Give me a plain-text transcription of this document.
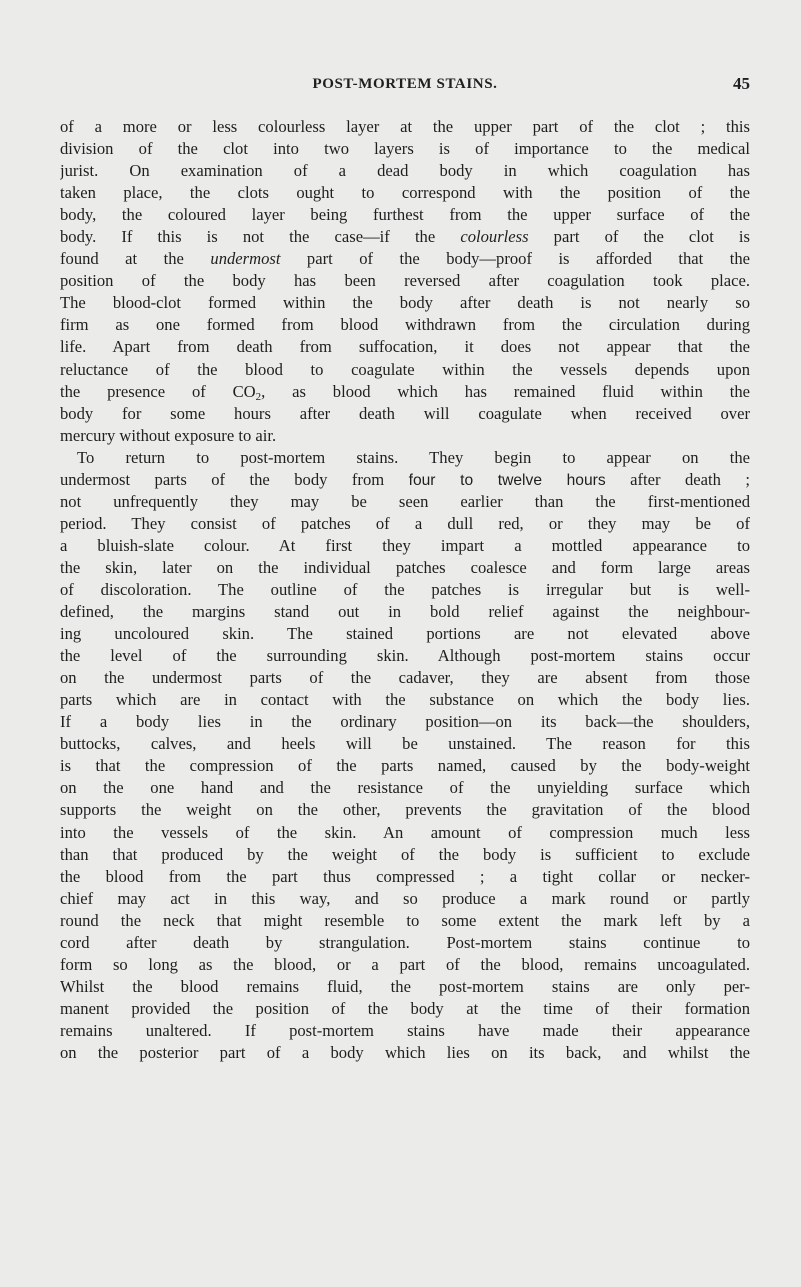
POST-MORTEM STAINS.	45
of a more or less colourless layer at the upper part of the clot ; this
division of the clot into two layers is of importance to the medical
jurist. On examination of a dead body in which coagulation has
taken place, the clots ought to correspond with the position of the
body, the coloured layer being furthest from the upper surface of the
body. If this is not the case—if the colourless part of the clot is
found at the undermost part of the body—proof is afforded that the
position of the body has been reversed after coagulation took place.
The blood-clot formed within the body after death is not nearly so
firm as one formed from blood withdrawn from the circulation during
life. Apart from death from suffocation, it does not appear that the
reluctance of the blood to coagulate within the vessels depends upon
the presence of $CO_2$, as blood which has remained fluid within the
body for some hours after death will coagulate when received over
mercury without exposure to air.
To return to post-mortem stains. They begin to appear on the
undermost parts of the body from four to twelve hours after death ;
not unfrequently they may be seen earlier than the first-mentioned
period. They consist of patches of a dull red, or they may be of
a bluish-slate colour. At first they impart a mottled appearance to
the skin, later on the individual patches coalesce and form large areas
of discoloration. The outline of the patches is irregular but is well-
defined, the margins stand out in bold relief against the neighbour-
ing uncoloured skin. The stained portions are not elevated above
the level of the surrounding skin. Although post-mortem stains occur
on the undermost parts of the cadaver, they are absent from those
parts which are in contact with the substance on which the body lies.
If a body lies in the ordinary position—on its back—the shoulders,
buttocks, calves, and heels will be unstained. The reason for this
is that the compression of the parts named, caused by the body-weight
on the one hand and the resistance of the unyielding surface which
supports the weight on the other, prevents the gravitation of the blood
into the vessels of the skin. An amount of compression much less
than that produced by the weight of the body is sufficient to exclude
the blood from the part thus compressed ; a tight collar or necker-
chief may act in this way, and so produce a mark round or partly
round the neck that might resemble to some extent the mark left by a
cord after death by strangulation. Post-mortem stains continue to
form so long as the blood, or a part of the blood, remains uncoagulated.
Whilst the blood remains fluid, the post-mortem stains are only per-
manent provided the position of the body at the time of their formation
remains unaltered. If post-mortem stains have made their appearance
on the posterior part of a body which lies on its back, and whilst the
